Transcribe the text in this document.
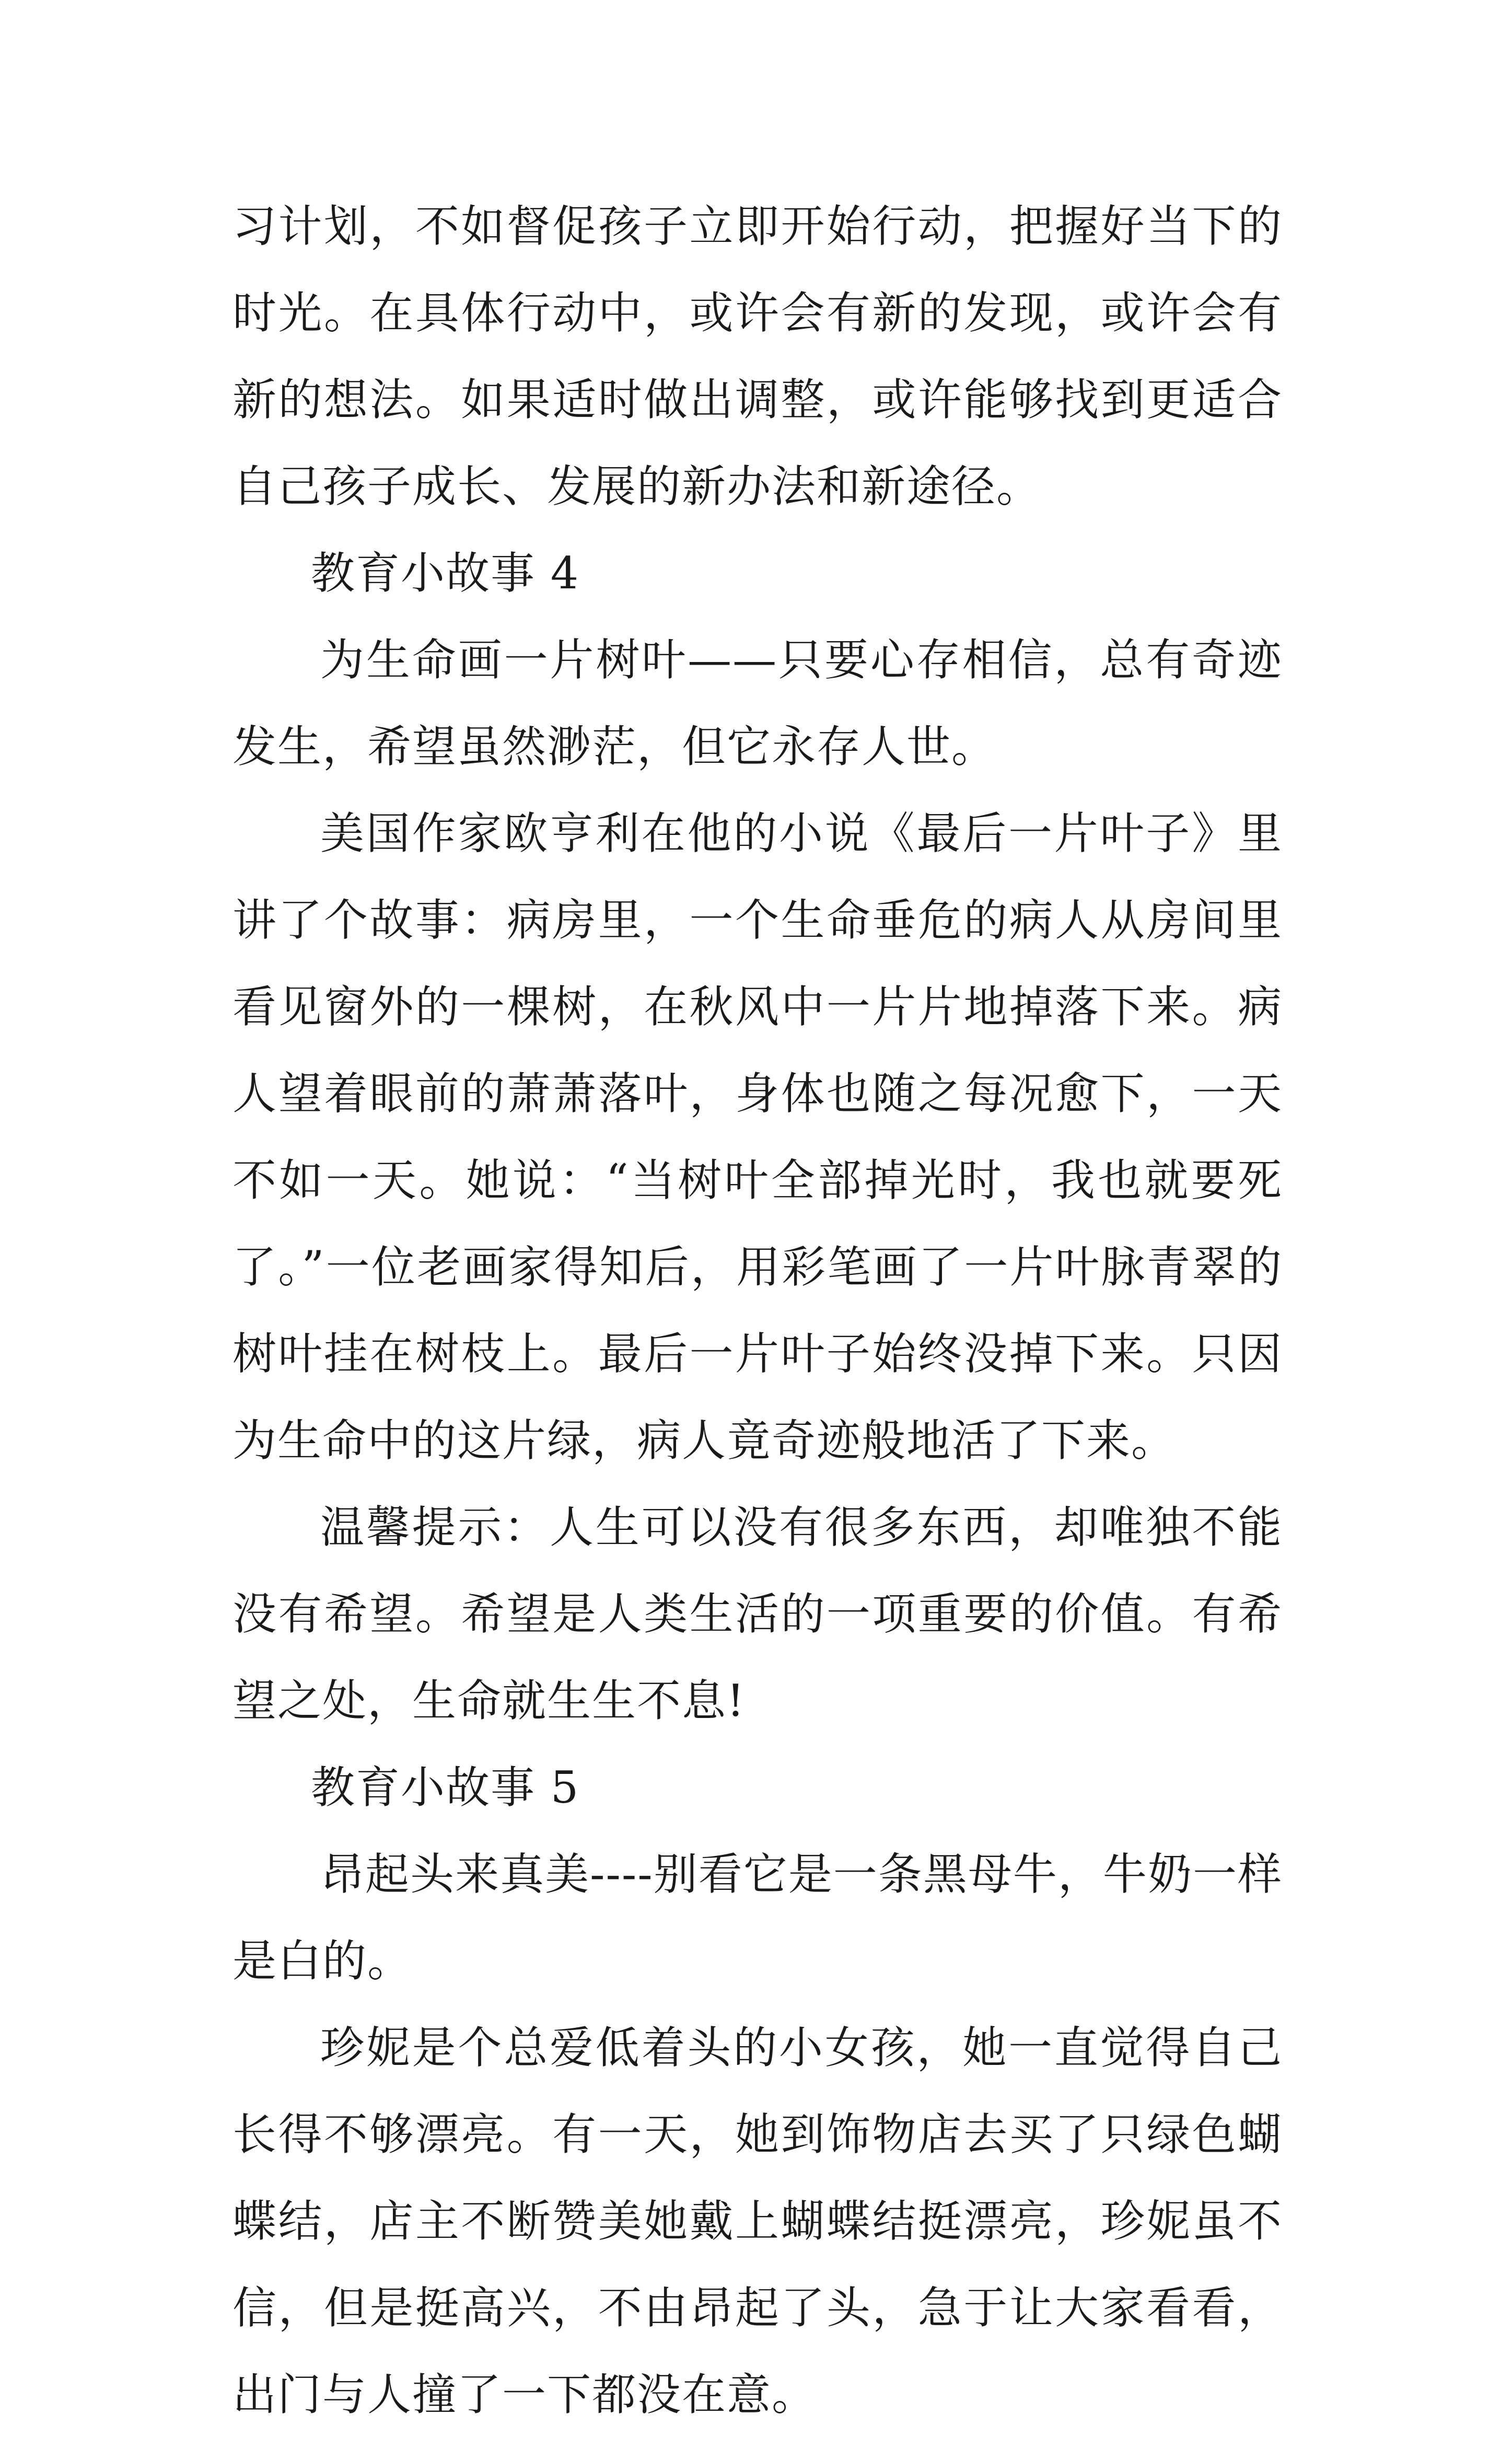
习计划，不如督促孩子立即开始行动，把握好当下的时光。在具体行动中，或许会有新的发现，或许会有新的想法。如果适时做出调整，或许能够找到更适合自己孩子成长、发展的新办法和新途径。

教育小故事 4

为生命画一片树叶——只要心存相信，总有奇迹发生，希望虽然渺茫，但它永存人世。

美国作家欧亨利在他的小说《最后一片叶子》里讲了个故事：病房里，一个生命垂危的病人从房间里看见窗外的一棵树，在秋风中一片片地掉落下来。病人望着眼前的萧萧落叶，身体也随之每况愈下，一天不如一天。她说：“当树叶全部掉光时，我也就要死了。”一位老画家得知后，用彩笔画了一片叶脉青翠的树叶挂在树枝上。最后一片叶子始终没掉下来。只因为生命中的这片绿，病人竟奇迹般地活了下来。

温馨提示：人生可以没有很多东西，却唯独不能没有希望。希望是人类生活的一项重要的价值。有希望之处，生命就生生不息!

教育小故事 5

昂起头来真美----别看它是一条黑母牛，牛奶一样是白的。

珍妮是个总爱低着头的小女孩，她一直觉得自己长得不够漂亮。有一天，她到饰物店去买了只绿色蝴蝶结，店主不断赞美她戴上蝴蝶结挺漂亮，珍妮虽不信，但是挺高兴，不由昂起了头，急于让大家看看，出门与人撞了一下都没在意。
